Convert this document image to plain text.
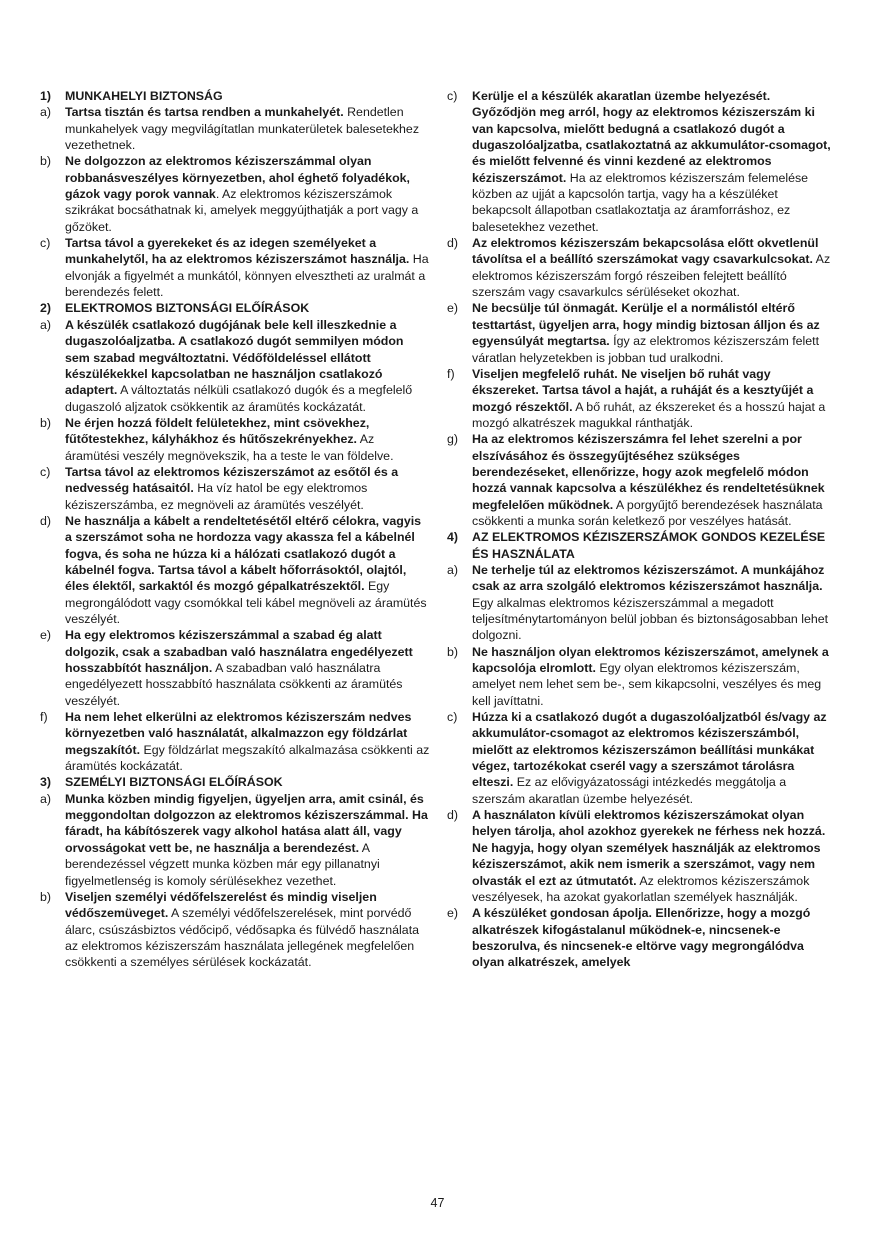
1)	MUNKAHELYI BIZTONSÁG
a)	Tartsa tisztán és tartsa rendben a munkahelyét. Rendetlen munkahelyek vagy megvilágítatlan munkaterületek balesetekhez vezethetnek.
b)	Ne dolgozzon az elektromos kéziszerszámmal olyan robbanásveszélyes környezetben, ahol éghető folyadékok, gázok vagy porok vannak. Az elektromos kéziszerszámok szikrákat bocsáthatnak ki, amelyek meggyújthatják a port vagy a gőzöket.
c)	Tartsa távol a gyerekeket és az idegen személyeket a munkahelytől, ha az elektromos kéziszerszámot használja. Ha elvonják a figyelmét a munkától, könnyen elvesztheti az uralmát a berendezés felett.
2)	ELEKTROMOS BIZTONSÁGI ELŐÍRÁSOK
a)	A készülék csatlakozó dugójának bele kell illeszkednie a dugaszolóaljzatba. A csatlakozó dugót semmilyen módon sem szabad megváltoztatni. Védőföldeléssel ellátott készülékekkel kapcsolatban ne használjon csatlakozó adaptert. A változtatás nélküli csatlakozó dugók és a megfelelő dugaszoló aljzatok csökkentik az áramütés kockázatát.
b)	Ne érjen hozzá földelt felületekhez, mint csövekhez, fűtőtestekhez, kályhákhoz és hűtőszekrényekhez. Az áramütési veszély megnövekszik, ha a teste le van földelve.
c)	Tartsa távol az elektromos kéziszerszámot az esőtől és a nedvesség hatásaitól. Ha víz hatol be egy elektromos kéziszerszámba, ez megnöveli az áramütés veszélyét.
d)	Ne használja a kábelt a rendeltetésétől eltérő célokra, vagyis a szerszámot soha ne hordozza vagy akassza fel a kábelnél fogva, és soha ne húzza ki a hálózati csatlakozó dugót a kábelnél fogva. Tartsa távol a kábelt hőforrásoktól, olajtól, éles élektől, sarkaktól és mozgó gépalkatrészektől. Egy megrongálódott vagy csomókkal teli kábel megnöveli az áramütés veszélyét.
e)	Ha egy elektromos kéziszerszámmal a szabad ég alatt dolgozik, csak a szabadban való használatra engedélyezett hosszabbítót használjon. A szabadban való használatra engedélyezett hosszabbító használata csökkenti az áramütés veszélyét.
f)	Ha nem lehet elkerülni az elektromos kéziszerszám nedves környezetben való használatát, alkalmazzon egy földzárlat megszakítót. Egy földzárlat megszakító alkalmazása csökkenti az áramütés kockázatát.
3)	SZEMÉLYI BIZTONSÁGI ELŐÍRÁSOK
a)	Munka közben mindig figyeljen, ügyeljen arra, amit csinál, és meggondoltan dolgozzon az elektromos kéziszerszámmal. Ha fáradt, ha kábítószerek vagy alkohol hatása alatt áll, vagy orvosságokat vett be, ne használja a berendezést. A berendezéssel végzett munka közben már egy pillanatnyi figyelmetlenség is komoly sérülésekhez vezethet.
b)	Viseljen személyi védőfelszerelést és mindig viseljen védőszemüveget. A személyi védőfelszerelések, mint porvédő álarc, csúszásbiztos védőcipő, védősapka és fülvédő használata az elektromos kéziszerszám használata jellegének megfelelően csökkenti a személyes sérülések kockázatát.
c)	Kerülje el a készülék akaratlan üzembe helyezését. Győződjön meg arról, hogy az elektromos kéziszerszám ki van kapcsolva, mielőtt bedugná a csatlakozó dugót a dugaszolóaljzatba, csatlakoztatná az akkumulátor-csomagot, és mielőtt felvenné és vinni kezdené az elektromos kéziszerszámot. Ha az elektromos kéziszerszám felemelése közben az ujját a kapcsolón tartja, vagy ha a készüléket bekapcsolt állapotban csatlakoztatja az áramforráshoz, ez balesetekhez vezethet.
d)	Az elektromos kéziszerszám bekapcsolása előtt okvetlenül távolítsa el a beállító szerszámokat vagy csavarkulcsokat. Az elektromos kéziszerszám forgó részeiben felejtett beállító szerszám vagy csavarkulcs sérüléseket okozhat.
e)	Ne becsülje túl önmagát. Kerülje el a normálistól eltérő testtartást, ügyeljen arra, hogy mindig biztosan álljon és az egyensúlyát megtartsa. Így az elektromos kéziszerszám felett váratlan helyzetekben is jobban tud uralkodni.
f)	Viseljen megfelelő ruhát. Ne viseljen bő ruhát vagy ékszereket. Tartsa távol a haját, a ruháját és a kesztyűjét a mozgó részektől. A bő ruhát, az ékszereket és a hosszú hajat a mozgó alkatrészek magukkal ránthatják.
g)	Ha az elektromos kéziszerszámra fel lehet szerelni a por elszívásához és összegyűjtéséhez szükséges berendezéseket, ellenőrizze, hogy azok megfelelő módon hozzá vannak kapcsolva a készülékhez és rendeltetésüknek megfelelően működnek. A porgyűjtő berendezések használata csökkenti a munka során keletkező por veszélyes hatását.
4)	AZ ELEKTROMOS KÉZISZERSZÁMOK GONDOS KEZELÉSE ÉS HASZNÁLATA
a)	Ne terhelje túl az elektromos kéziszerszámot. A munkájához csak az arra szolgáló elektromos kéziszerszámot használja. Egy alkalmas elektromos kéziszerszámmal a megadott teljesítménytartományon belül jobban és biztonságosabban lehet dolgozni.
b)	Ne használjon olyan elektromos kéziszerszámot, amelynek a kapcsolója elromlott. Egy olyan elektromos kéziszerszám, amelyet nem lehet sem be-, sem kikapcsolni, veszélyes és meg kell javíttatni.
c)	Húzza ki a csatlakozó dugót a dugaszolóaljzatból és/vagy az akkumulátor-csomagot az elektromos kéziszerszámból, mielőtt az elektromos kéziszerszámon beállítási munkákat végez, tartozékokat cserél vagy a szerszámot tárolásra elteszi. Ez az elővigyázatossági intézkedés meggátolja a szerszám akaratlan üzembe helyezését.
d)	A használaton kívüli elektromos kéziszerszámokat olyan helyen tárolja, ahol azokhoz gyerekek ne férhess nek hozzá. Ne hagyja, hogy olyan személyek használják az elektromos kéziszerszámot, akik nem ismerik a szerszámot, vagy nem olvasták el ezt az útmutatót. Az elektromos kéziszerszámok veszélyesek, ha azokat gyakorlatlan személyek használják.
e)	A készüléket gondosan ápolja. Ellenőrizze, hogy a mozgó alkatrészek kifogástalanul működnek-e, nincsenek-e beszorulva, és nincsenek-e eltörve vagy megrongálódva olyan alkatrészek, amelyek
47
